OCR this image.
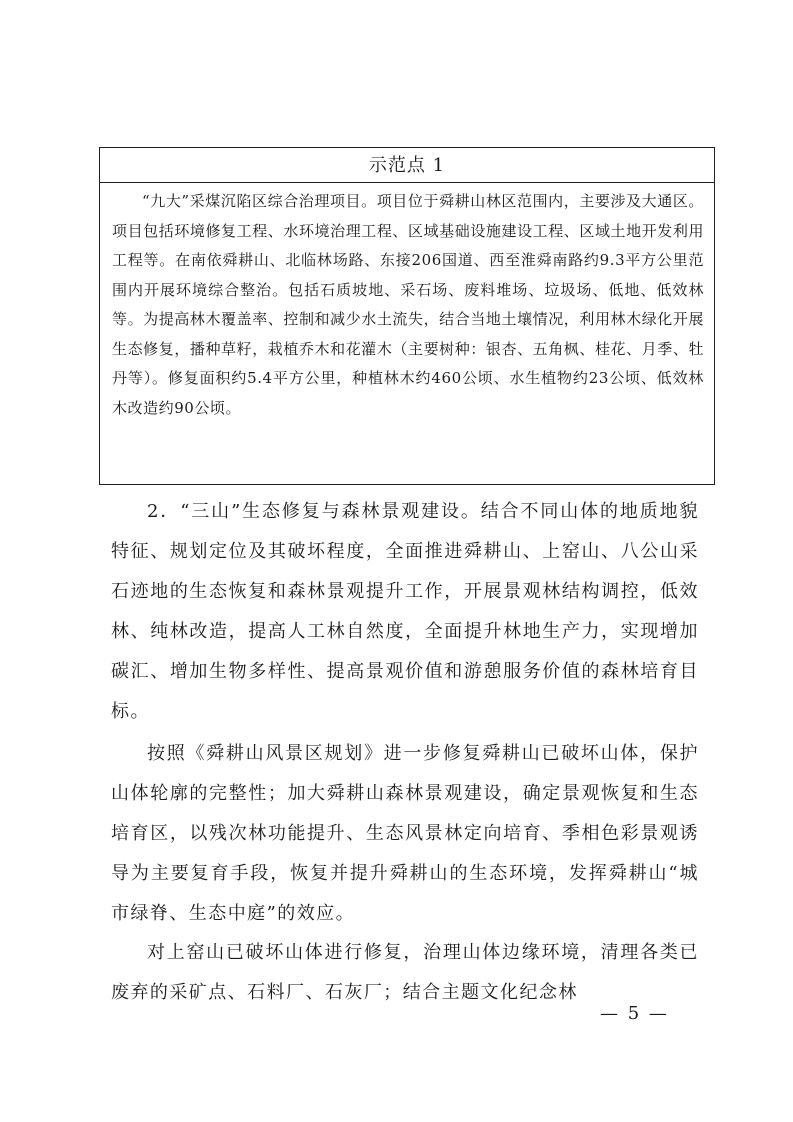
示范点 1

“九大”采煤沉陷区综合治理项目。项目位于舜耕山林区范围内，主要涉及大通区。项目包括环境修复工程、水环境治理工程、区域基础设施建设工程、区域土地开发利用工程等。在南依舜耕山、北临林场路、东接206国道、西至淮舜南路约9.3平方公里范围内开展环境综合整治。包括石质坡地、采石场、废料堆场、垃圾场、低地、低效林等。为提高林木覆盖率、控制和减少水土流失，结合当地土壤情况，利用林木绿化开展生态修复，播种草籽，栽植乔木和花灌木（主要树种：银杏、五角枫、桂花、月季、牡丹等）。修复面积约5.4平方公里，种植林木约460公顷、水生植物约23公顷、低效林木改造约90公顷。

2．“三山”生态修复与森林景观建设。结合不同山体的地质地貌特征、规划定位及其破坏程度，全面推进舜耕山、上窑山、八公山采石迹地的生态恢复和森林景观提升工作，开展景观林结构调控，低效林、纯林改造，提高人工林自然度，全面提升林地生产力，实现增加碳汇、增加生物多样性、提高景观价值和游憩服务价值的森林培育目标。

按照《舜耕山风景区规划》进一步修复舜耕山已破坏山体，保护山体轮廓的完整性；加大舜耕山森林景观建设，确定景观恢复和生态培育区，以残次林功能提升、生态风景林定向培育、季相色彩景观诱导为主要复育手段，恢复并提升舜耕山的生态环境，发挥舜耕山“城市绿脊、生态中庭”的效应。

对上窑山已破坏山体进行修复，治理山体边缘环境，清理各类已废弃的采矿点、石料厂、石灰厂；结合主题文化纪念林

— 5 —
